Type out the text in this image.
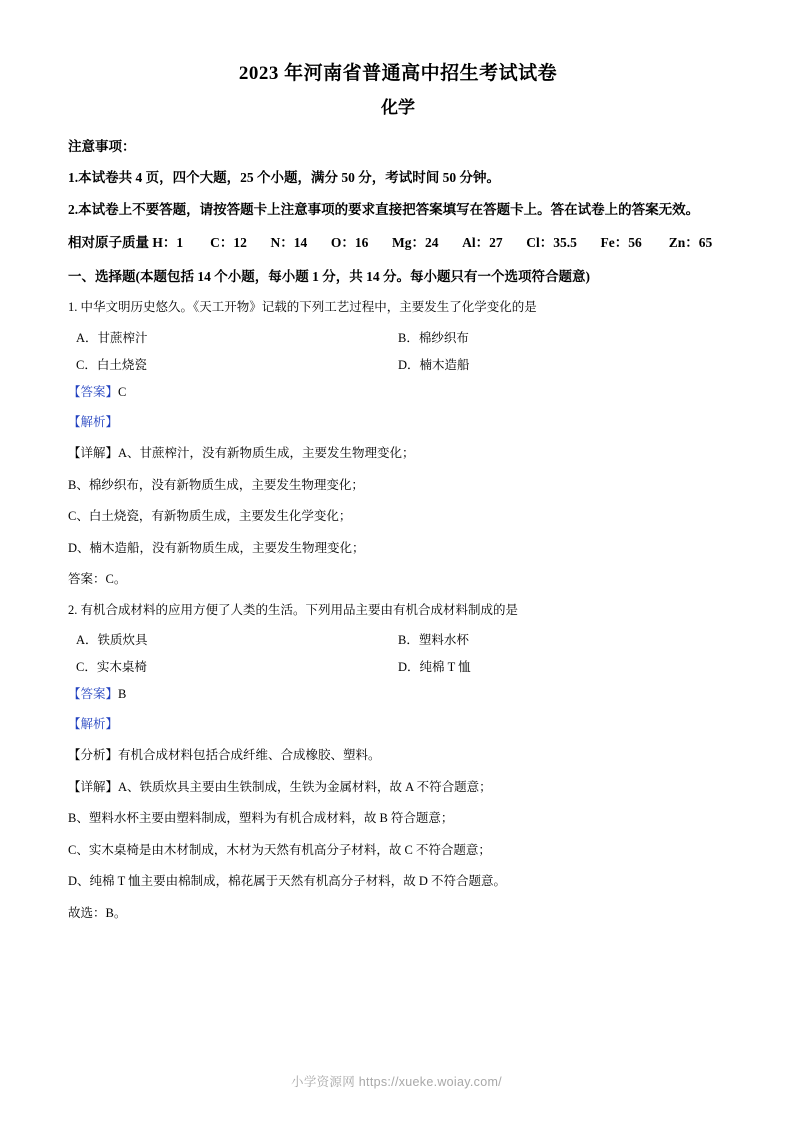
2023 年河南省普通高中招生考试试卷
化学

注意事项：

1.本试卷共 4 页，四个大题，25 个小题，满分 50 分，考试时间 50 分钟。

2.本试卷上不要答题，请按答题卡上注意事项的要求直接把答案填写在答题卡上。答在试卷上的答案无效。

相对原子质量 H：1 C：12 N：14 O：16 Mg：24 Al：27 Cl：35.5 Fe：56 Zn：65

一、选择题(本题包括 14 个小题，每小题 1 分，共 14 分。每小题只有一个选项符合题意)

1. 中华文明历史悠久。《天工开物》记载的下列工艺过程中，主要发生了化学变化的是

A．甘蔗榨汁	B．棉纱织布
C．白土烧瓷	D．楠木造船

【答案】C

【解析】

【详解】A、甘蔗榨汁，没有新物质生成，主要发生物理变化；

B、棉纱织布，没有新物质生成，主要发生物理变化；

C、白土烧瓷，有新物质生成，主要发生化学变化；

D、楠木造船，没有新物质生成，主要发生物理变化；

答案：C。

2. 有机合成材料的应用方便了人类的生活。下列用品主要由有机合成材料制成的是

A．铁质炊具	B．塑料水杯
C．实木桌椅	D．纯棉 T 恤

【答案】B

【解析】

【分析】有机合成材料包括合成纤维、合成橡胶、塑料。

【详解】A、铁质炊具主要由生铁制成，生铁为金属材料，故 A 不符合题意；

B、塑料水杯主要由塑料制成，塑料为有机合成材料，故 B 符合题意；

C、实木桌椅是由木材制成，木材为天然有机高分子材料，故 C 不符合题意；

D、纯棉 T 恤主要由棉制成，棉花属于天然有机高分子材料，故 D 不符合题意。

故选：B。

小学资源网 https://xueke.woiay.com/
